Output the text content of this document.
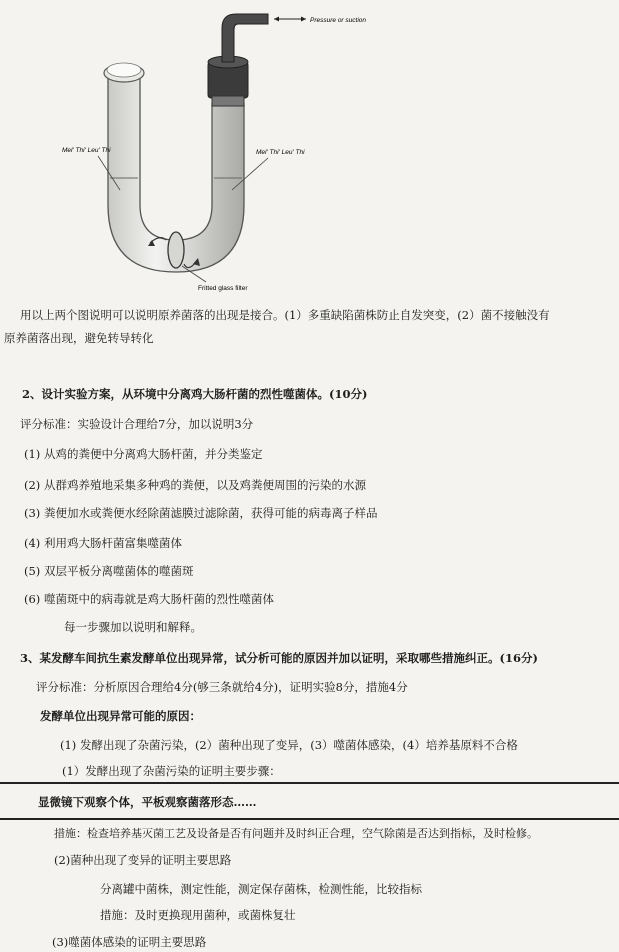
Pressure or suction
Mel' Thi' Leu' Thi	Mel' Thi' Leu' Thi
Fritted glass filter
用以上两个图说明可以说明原养菌落的出现是接合。(1）多重缺陷菌株防止自发突变，(2）菌不接触没有
原养菌落出现，避免转导转化
2、设计实验方案，从环境中分离鸡大肠杆菌的烈性噬菌体。(10分)
评分标准：实验设计合理给7分，加以说明3分
(1) 从鸡的粪便中分离鸡大肠杆菌，并分类鉴定
(2) 从群鸡养殖地采集多种鸡的粪便，以及鸡粪便周围的污染的水源
(3) 粪便加水或粪便水经除菌滤膜过滤除菌，获得可能的病毒离子样品
(4) 利用鸡大肠杆菌富集噬菌体
(5) 双层平板分离噬菌体的噬菌斑
(6) 噬菌斑中的病毒就是鸡大肠杆菌的烈性噬菌体
每一步骤加以说明和解释。
3、某发酵车间抗生素发酵单位出现异常，试分析可能的原因并加以证明，采取哪些措施纠正。(16分)
评分标准：分析原因合理给4分(够三条就给4分)，证明实验8分，措施4分
发酵单位出现异常可能的原因：
(1) 发酵出现了杂菌污染，(2）菌种出现了变异，(3）噬菌体感染，(4）培养基原料不合格
(1）发酵出现了杂菌污染的证明主要步骤：
显微镜下观察个体，平板观察菌落形态……
措施：检查培养基灭菌工艺及设备是否有问题并及时纠正合理，空气除菌是否达到指标，及时检修。
(2)菌种出现了变异的证明主要思路
分离罐中菌株，测定性能，测定保存菌株，检测性能，比较指标
措施：及时更换现用菌种，或菌株复壮
(3)噬菌体感染的证明主要思路
